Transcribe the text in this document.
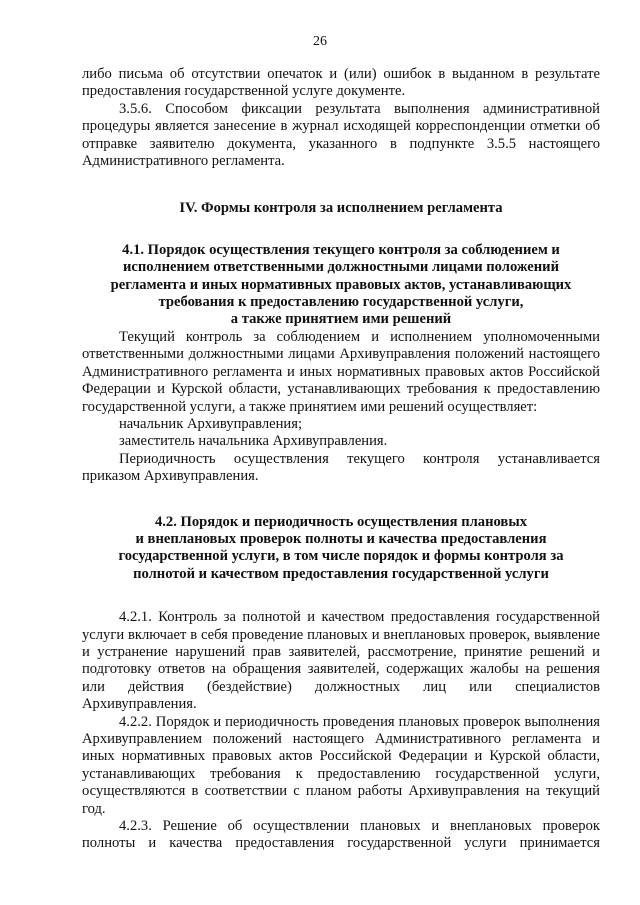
26

либо письма об отсутствии опечаток и (или) ошибок в выданном в результате предоставления государственной услуге документе.

3.5.6. Способом фиксации результата выполнения административной процедуры является занесение в журнал исходящей корреспонденции отметки об отправке заявителю документа, указанного в подпункте 3.5.5 настоящего Административного регламента.

IV. Формы контроля за исполнением регламента
4.1. Порядок осуществления текущего контроля за соблюдением и
исполнением ответственными должностными лицами положений
регламента и иных нормативных правовых актов, устанавливающих
требования к предоставлению государственной услуги,
а также принятием ими решений

Текущий контроль за соблюдением и исполнением уполномоченными ответственными должностными лицами Архивуправления положений настоящего Административного регламента и иных нормативных правовых актов Российской Федерации и Курской области, устанавливающих требования к предоставлению государственной услуги, а также принятием ими решений осуществляет:

начальник Архивуправления;

заместитель начальника Архивуправления.

Периодичность осуществления текущего контроля устанавливается приказом Архивуправления.

4.2. Порядок и периодичность осуществления плановых
и внеплановых проверок полноты и качества предоставления
государственной услуги, в том числе порядок и формы контроля за
полнотой и качеством предоставления государственной услуги

4.2.1. Контроль за полнотой и качеством предоставления государственной услуги включает в себя проведение плановых и внеплановых проверок, выявление и устранение нарушений прав заявителей, рассмотрение, принятие решений и подготовку ответов на обращения заявителей, содержащих жалобы на решения или действия (бездействие) должностных лиц или специалистов Архивуправления.

4.2.2. Порядок и периодичность проведения плановых проверок выполнения Архивуправлением положений настоящего Административного регламента и иных нормативных правовых актов Российской Федерации и Курской области, устанавливающих требования к предоставлению государственной услуги, осуществляются в соответствии с планом работы Архивуправления на текущий год.

4.2.3. Решение об осуществлении плановых и внеплановых проверок полноты и качества предоставления государственной услуги принимается
